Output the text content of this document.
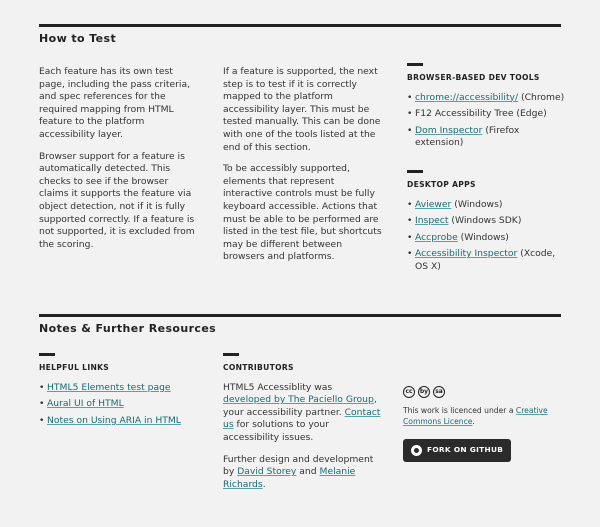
How to Test

Each feature has its own test page, including the pass criteria, and spec references for the required mapping from HTML feature to the platform accessibility layer.

Browser support for a feature is automatically detected. This checks to see if the browser claims it supports the feature via object detection, not if it is fully supported correctly. If a feature is not supported, it is excluded from the scoring.

If a feature is supported, the next step is to test if it is correctly mapped to the platform accessibility layer. This must be tested manually. This can be done with one of the tools listed at the end of this section.

To be accessibly supported, elements that represent interactive controls must be fully keyboard accessible. Actions that must be able to be performed are listed in the test file, but shortcuts may be different between browsers and platforms.

BROWSER-BASED DEV TOOLS
• chrome://accessibility/ (Chrome)
• F12 Accessibility Tree (Edge)
• Dom Inspector (Firefox extension)
DESKTOP APPS
• Aviewer (Windows)
• Inspect (Windows SDK)
• Accprobe (Windows)
• Accessibility Inspector (Xcode, OS X)
Notes & Further Resources
HELPFUL LINKS
• HTML5 Elements test page
• Aural UI of HTML
• Notes on Using ARIA in HTML
CONTRIBUTORS

HTML5 Accessiblity was developed by The Paciello Group, your accessibility partner. Contact us for solutions to your accessibility issues.

Further design and development by David Storey and Melanie Richards.

cc	by	sa
This work is licenced under a Creative Commons Licence.
FORK ON GITHUB
